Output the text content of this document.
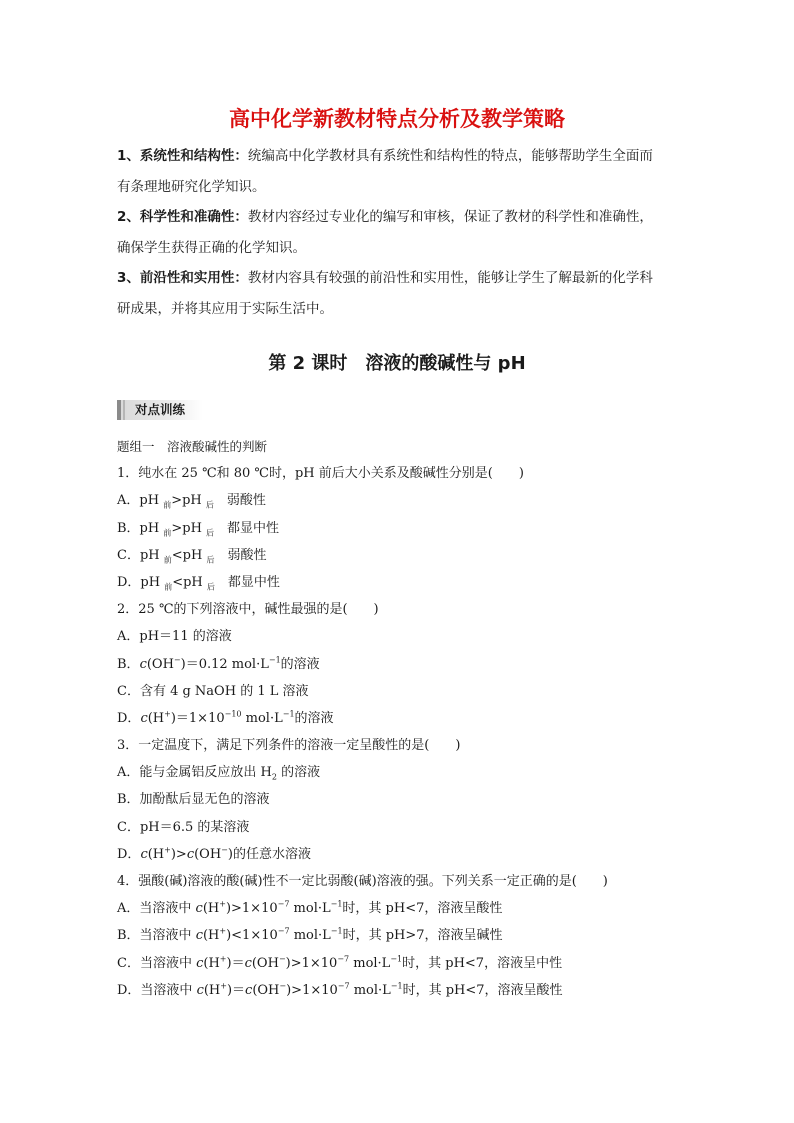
高中化学新教材特点分析及教学策略

1、系统性和结构性：统编高中化学教材具有系统性和结构性的特点，能够帮助学生全面而

有条理地研究化学知识。

2、科学性和准确性：教材内容经过专业化的编写和审核，保证了教材的科学性和准确性，

确保学生获得正确的化学知识。

3、前沿性和实用性：教材内容具有较强的前沿性和实用性，能够让学生了解最新的化学科

研成果，并将其应用于实际生活中。

第 2 课时　溶液的酸碱性与 pH
对点训练
题组一　溶液酸碱性的判断
1．纯水在 25 ℃和 80 ℃时，pH 前后大小关系及酸碱性分别是(　　)
A．pH $_前$>pH $_后$　弱酸性
B．pH $_前$>pH $_后$　都显中性
C．pH $_前$<pH $_后$　弱酸性
D．pH $_前$<pH $_后$　都显中性
2．25 ℃的下列溶液中，碱性最强的是(　　)
A．pH＝11 的溶液
B．c(OH−)＝0.12 $mol\cdot L^{-1}$的溶液
C．含有 4 g NaOH 的 1 L 溶液
D．$c(H^+)=1\times 10^{-10}$ $mol\cdot L^{-1}$的溶液
3．一定温度下，满足下列条件的溶液一定呈酸性的是(　　)
A．能与金属铝反应放出 $H_2$ 的溶液
B．加酚酞后显无色的溶液
C．pH＝6.5 的某溶液
D．c(H+)>c(OH−)的任意水溶液
4．强酸(碱)溶液的酸(碱)性不一定比弱酸(碱)溶液的强。下列关系一定正确的是(　　)
A．当溶液中 $c(H^+)>1\times 10^{-7}$ $mol\cdot L^{-1}$时，其 pH<7，溶液呈酸性
B．当溶液中 $c(H^+)<1\times 10^{-7}$ $mol\cdot L^{-1}$时，其 pH>7，溶液呈碱性
C．当溶液中 $c(H^+)=c(OH^-)>1\times 10^{-7}$ $mol\cdot L^{-1}$时，其 pH<7，溶液呈中性
D．当溶液中 $c(H^+)=c(OH^-)>1\times 10^{-7}$ $mol\cdot L^{-1}$时，其 pH<7，溶液呈酸性
